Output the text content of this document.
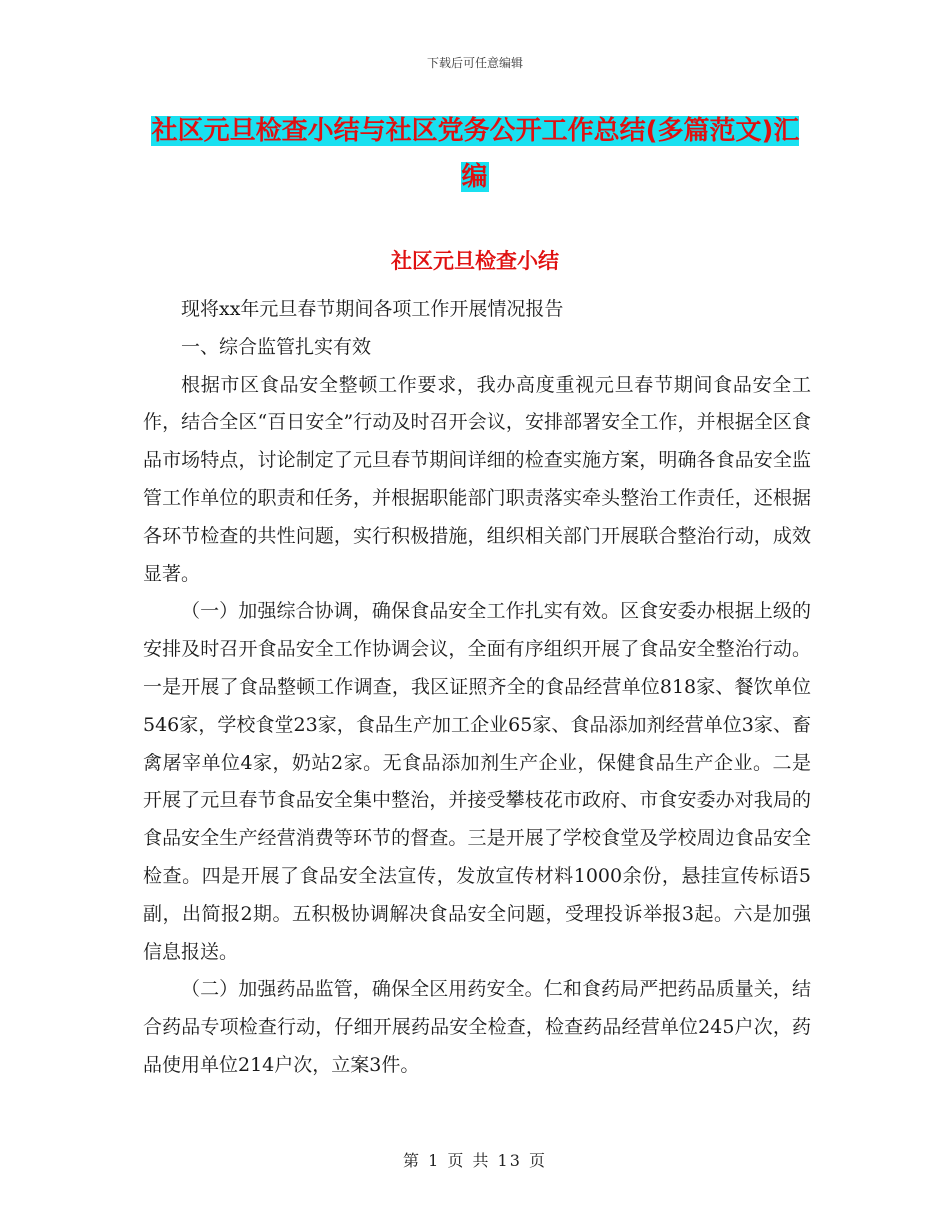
下载后可任意编辑
社区元旦检查小结与社区党务公开工作总结(多篇范文)汇编
社区元旦检查小结

现将xx年元旦春节期间各项工作开展情况报告

一、综合监管扎实有效

根据市区食品安全整顿工作要求，我办高度重视元旦春节期间食品安全工作，结合全区“百日安全”行动及时召开会议，安排部署安全工作，并根据全区食品市场特点，讨论制定了元旦春节期间详细的检查实施方案，明确各食品安全监管工作单位的职责和任务，并根据职能部门职责落实牵头整治工作责任，还根据各环节检查的共性问题，实行积极措施，组织相关部门开展联合整治行动，成效显著。

（一）加强综合协调，确保食品安全工作扎实有效。区食安委办根据上级的安排及时召开食品安全工作协调会议，全面有序组织开展了食品安全整治行动。一是开展了食品整顿工作调查，我区证照齐全的食品经营单位818家、餐饮单位546家，学校食堂23家，食品生产加工企业65家、食品添加剂经营单位3家、畜禽屠宰单位4家，奶站2家。无食品添加剂生产企业，保健食品生产企业。二是开展了元旦春节食品安全集中整治，并接受攀枝花市政府、市食安委办对我局的食品安全生产经营消费等环节的督查。三是开展了学校食堂及学校周边食品安全检查。四是开展了食品安全法宣传，发放宣传材料1000余份，悬挂宣传标语5副，出简报2期。五积极协调解决食品安全问题，受理投诉举报3起。六是加强信息报送。

（二）加强药品监管，确保全区用药安全。仁和食药局严把药品质量关，结合药品专项检查行动，仔细开展药品安全检查，检查药品经营单位245户次，药品使用单位214户次，立案3件。

第 1 页 共 13 页
